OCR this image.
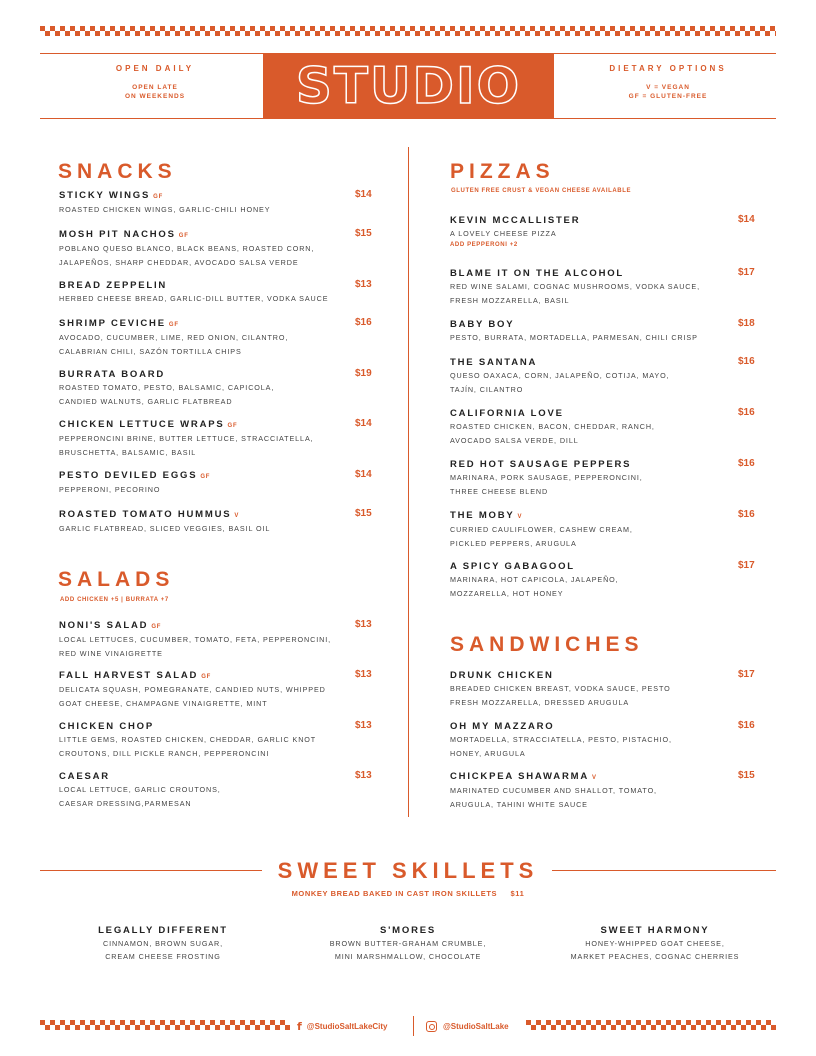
OPEN DAILY
OPEN LATE
ON WEEKENDS	STUDIO	DIETARY OPTIONS
V = VEGAN
GF = GLUTEN-FREE
SNACKS
STICKY WINGS GF
ROASTED CHICKEN WINGS, GARLIC-CHILI HONEY
$14
MOSH PIT NACHOS GF
POBLANO QUESO BLANCO, BLACK BEANS, ROASTED CORN,
JALAPEÑOS, SHARP CHEDDAR, AVOCADO SALSA VERDE
$15
BREAD ZEPPELIN
HERBED CHEESE BREAD, GARLIC-DILL BUTTER, VODKA SAUCE
$13
SHRIMP CEVICHE GF
AVOCADO, CUCUMBER, LIME, RED ONION, CILANTRO,
CALABRIAN CHILI, SAZÓN TORTILLA CHIPS
$16
BURRATA BOARD
ROASTED TOMATO, PESTO, BALSAMIC, CAPICOLA,
CANDIED WALNUTS, GARLIC FLATBREAD
$19
CHICKEN LETTUCE WRAPS GF
PEPPERONCINI BRINE, BUTTER LETTUCE, STRACCIATELLA,
BRUSCHETTA, BALSAMIC, BASIL
$14
PESTO DEVILED EGGS GF
PEPPERONI, PECORINO
$14
ROASTED TOMATO HUMMUS V
GARLIC FLATBREAD, SLICED VEGGIES, BASIL OIL
$15
SALADS
ADD CHICKEN +5 | BURRATA +7
NONI'S SALAD GF
LOCAL LETTUCES, CUCUMBER, TOMATO, FETA, PEPPERONCINI,
RED WINE VINAIGRETTE
$13
FALL HARVEST SALAD GF
DELICATA SQUASH, POMEGRANATE, CANDIED NUTS, WHIPPED
GOAT CHEESE, CHAMPAGNE VINAIGRETTE, MINT
$13
CHICKEN CHOP
LITTLE GEMS, ROASTED CHICKEN, CHEDDAR, GARLIC KNOT
CROUTONS, DILL PICKLE RANCH, PEPPERONCINI
$13
CAESAR
LOCAL LETTUCE, GARLIC CROUTONS,
CAESAR DRESSING,PARMESAN
$13
PIZZAS
GLUTEN FREE CRUST & VEGAN CHEESE AVAILABLE
KEVIN MCCALLISTER
A LOVELY CHEESE PIZZA
ADD PEPPERONI +2
$14
BLAME IT ON THE ALCOHOL
RED WINE SALAMI, COGNAC MUSHROOMS, VODKA SAUCE,
FRESH MOZZARELLA, BASIL
$17
BABY BOY
PESTO, BURRATA, MORTADELLA, PARMESAN, CHILI CRISP
$18
THE SANTANA
QUESO OAXACA, CORN, JALAPEÑO, COTIJA, MAYO,
TAJÍN, CILANTRO
$16
CALIFORNIA LOVE
ROASTED CHICKEN, BACON, CHEDDAR, RANCH,
AVOCADO SALSA VERDE, DILL
$16
RED HOT SAUSAGE PEPPERS
MARINARA, PORK SAUSAGE, PEPPERONCINI,
THREE CHEESE BLEND
$16
THE MOBY V
CURRIED CAULIFLOWER, CASHEW CREAM,
PICKLED PEPPERS, ARUGULA
$16
A SPICY GABAGOOL
MARINARA, HOT CAPICOLA, JALAPEÑO,
MOZZARELLA, HOT HONEY
$17
SANDWICHES
DRUNK CHICKEN
BREADED CHICKEN BREAST, VODKA SAUCE, PESTO
FRESH MOZZARELLA, DRESSED ARUGULA
$17
OH MY MAZZARO
MORTADELLA, STRACCIATELLA, PESTO, PISTACHIO,
HONEY, ARUGULA
$16
CHICKPEA SHAWARMA V
MARINATED CUCUMBER AND SHALLOT, TOMATO,
ARUGULA, TAHINI WHITE SAUCE
$15
SWEET SKILLETS
MONKEY BREAD BAKED IN CAST IRON SKILLETS $11
LEGALLY DIFFERENT
CINNAMON, BROWN SUGAR,
CREAM CHEESE FROSTING
S'MORES
BROWN BUTTER-GRAHAM CRUMBLE,
MINI MARSHMALLOW, CHOCOLATE
SWEET HARMONY
HONEY-WHIPPED GOAT CHEESE,
MARKET PEACHES, COGNAC CHERRIES
f @StudioSaltLakeCity	@StudioSaltLake
